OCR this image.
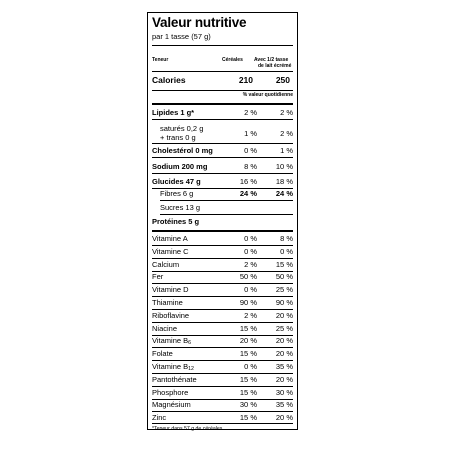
Valeur nutritive
par 1 tasse (57 g)
Teneur	Céréales Avec 1/2 tasse
de lait écrémé
Calories	210	250
% valeur quotidienne
Lipides 1 g*	2 %	2 %
saturés 0,2 g
+ trans 0 g	1 %	2 %
Cholestérol 0 mg	0 %	1 %
Sodium 200 mg	8 %	10 %
Glucides 47 g	16 %	18 %
Fibres 6 g	24 %	24 %
Sucres 13 g
Protéines 5 g
Vitamine A	0 %	8 %
Vitamine C	0 %	0 %
Calcium	2 %	15 %
Fer	50 %	50 %
Vitamine D	0 %	25 %
Thiamine	90 %	90 %
Riboflavine	2 %	20 %
Niacine	15 %	25 %
Vitamine $B_6$	20 %	20 %
Folate	15 %	20 %
Vitamine $B_{12}$	0 %	35 %
Pantothénate	15 %	20 %
Phosphore	15 %	30 %
Magnésium	30 %	35 %
Zinc	15 %	20 %
*Teneur dans 57 g de céréales
